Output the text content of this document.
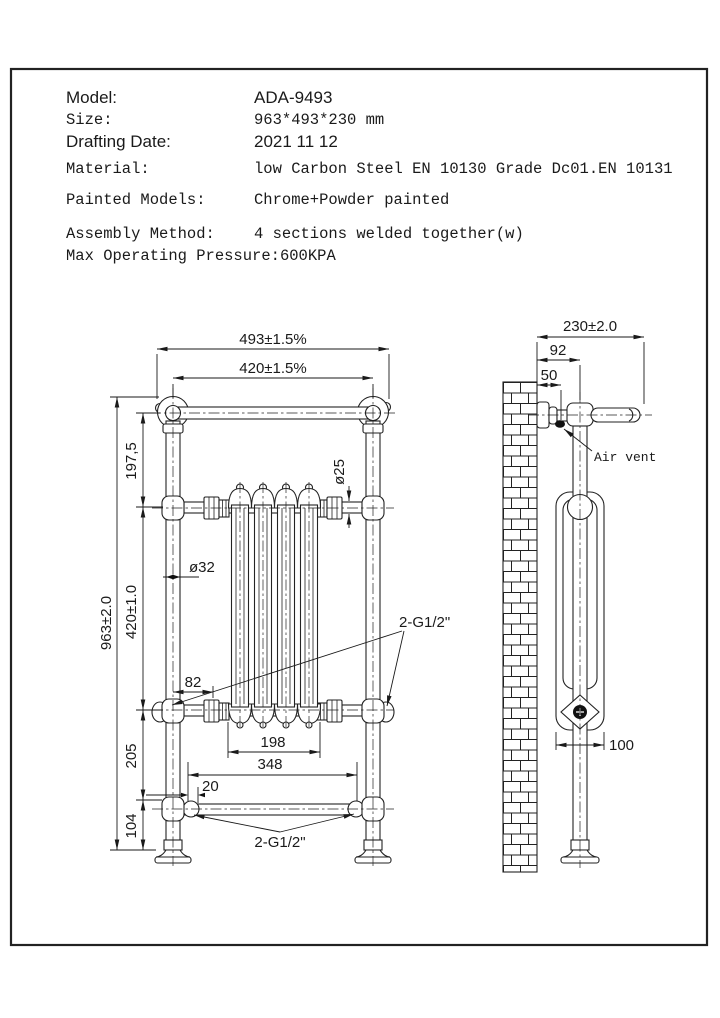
493±1.5%
420±1.5%
963±2.0
197,5
420±1.0
205
104
ø25
ø32
82
198
348
20
2-G1/2"
2-G1/2"
230±2.0
92
50
100
Air vent
Model:	ADA-9493
Size:	963*493*230 mm
Drafting Date:	2021 11 12
Material:	low Carbon Steel EN 10130 Grade Dc01.EN 10131
Painted Models:	Chrome+Powder painted
Assembly Method:	4 sections welded together(w)
Max Operating Pressure:600KPA
